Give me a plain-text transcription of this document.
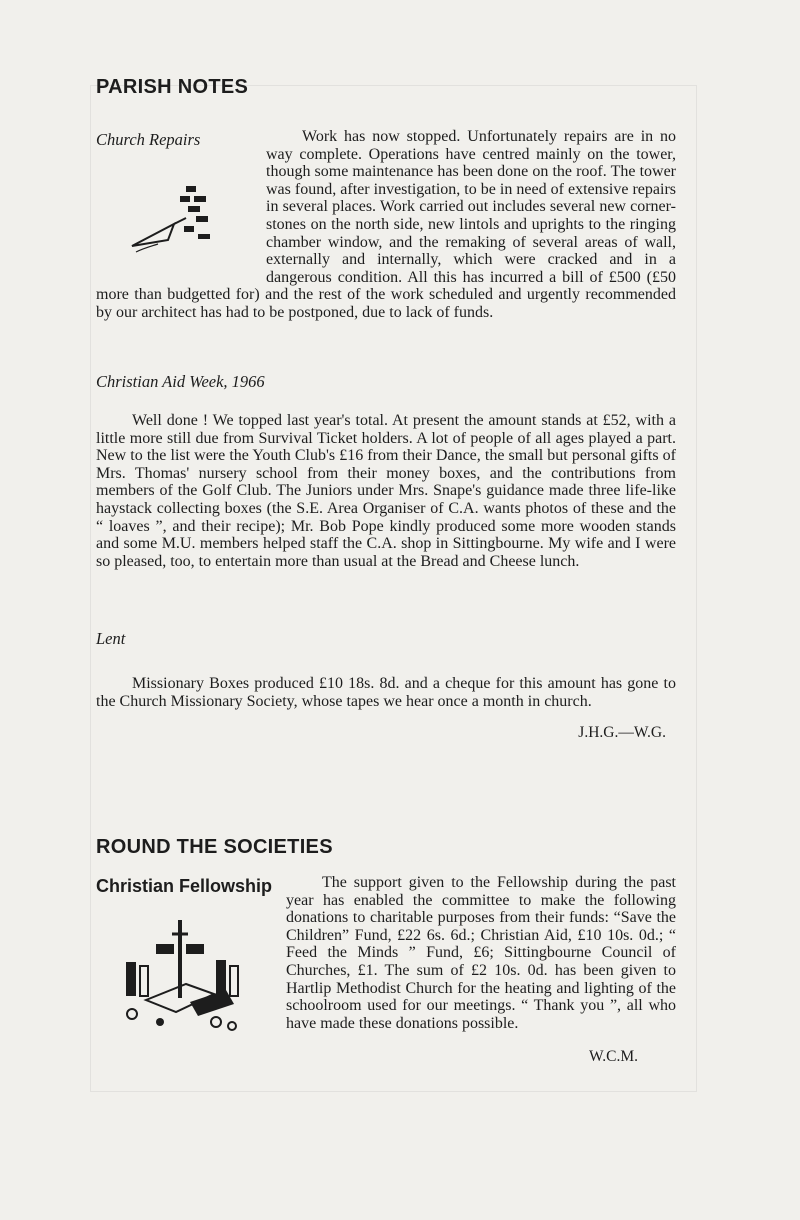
PARISH NOTES
Church Repairs	Work has now stopped. Unfortunately repairs are in no way complete. Operations have centred mainly on the tower, though some maintenance has been done on the roof. The tower was found, after investigation, to be in need of extensive repairs in several places. Work carried out includes several new corner-stones on the north side, new lintols and uprights to the ringing chamber window, and the remaking of several areas of wall, externally and internally, which were cracked and in a dangerous condition. All this has incurred a bill of £500 (£50 more than budgetted for) and the rest of the work scheduled and urgently recommended by our architect has had to be postponed, due to lack of funds.

Christian Aid Week, 1966

Well done ! We topped last year's total. At present the amount stands at £52, with a little more still due from Survival Ticket holders. A lot of people of all ages played a part. New to the list were the Youth Club's £16 from their Dance, the small but personal gifts of Mrs. Thomas' nursery school from their money boxes, and the contributions from members of the Golf Club. The Juniors under Mrs. Snape's guidance made three life-like haystack collecting boxes (the S.E. Area Organiser of C.A. wants photos of these and the “ loaves ”, and their recipe); Mr. Bob Pope kindly produced some more wooden stands and some M.U. members helped staff the C.A. shop in Sittingbourne. My wife and I were so pleased, too, to entertain more than usual at the Bread and Cheese lunch.

Lent

Missionary Boxes produced £10 18s. 8d. and a cheque for this amount has gone to the Church Missionary Society, whose tapes we hear once a month in church.

J.H.G.—W.G.

ROUND THE SOCIETIES
Christian Fellowship	The support given to the Fellowship during the past year has enabled the committee to make the following donations to charitable purposes from their funds: “Save the Children” Fund, £22 6s. 6d.; Christian Aid, £10 10s. 0d.; “ Feed the Minds ” Fund, £6; Sittingbourne Council of Churches, £1. The sum of £2 10s. 0d. has been given to Hartlip Methodist Church for the heating and lighting of the schoolroom used for our meetings. “ Thank you ”, all who have made these donations possible.

W.C.M.
